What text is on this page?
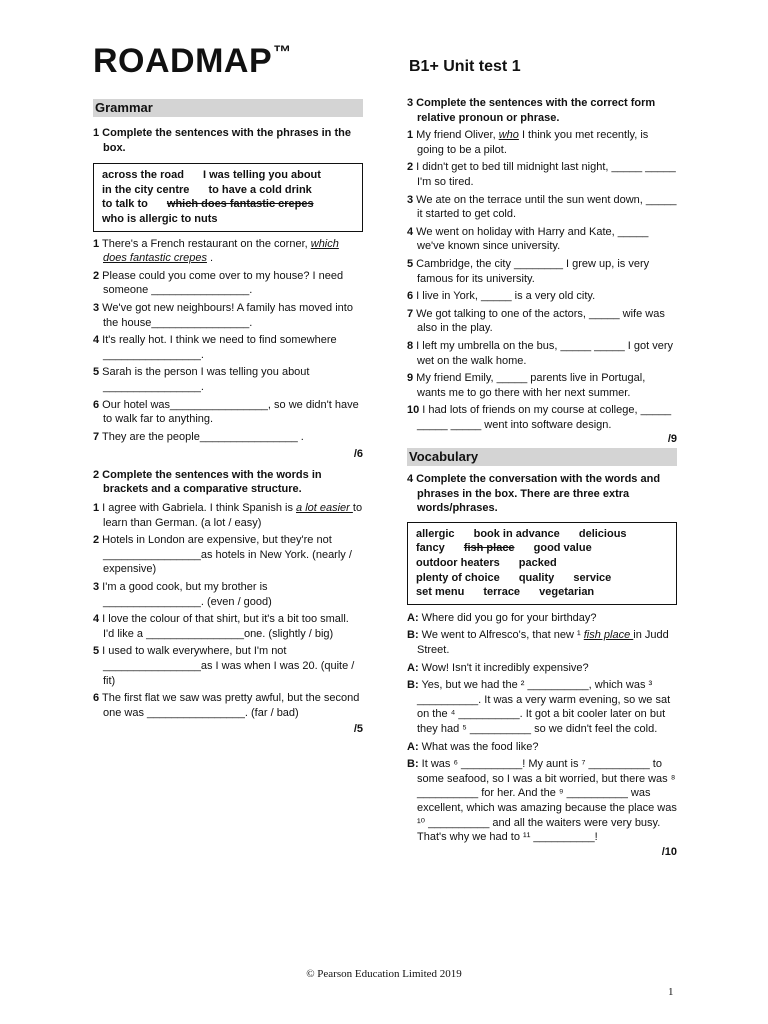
ROADMAP™
B1+ Unit test 1
Grammar
1 Complete the sentences with the phrases in the box.
across the road I was telling you about in the city centre to have a cold drink to talk to which does fantastic crepes who is allergic to nuts
1 There's a French restaurant on the corner, which does fantastic crepes .
2 Please could you come over to my house? I need someone ________________.
3 We've got new neighbours! A family has moved into the house________________.
4 It's really hot. I think we need to find somewhere ________________.
5 Sarah is the person I was telling you about ________________.
6 Our hotel was________________, so we didn't have to walk far to anything.
7 They are the people________________ .
/6
2 Complete the sentences with the words in brackets and a comparative structure.
1 I agree with Gabriela. I think Spanish is a lot easier to learn than German. (a lot / easy)
2 Hotels in London are expensive, but they're not ________________as hotels in New York. (nearly / expensive)
3 I'm a good cook, but my brother is ________________. (even / good)
4 I love the colour of that shirt, but it's a bit too small. I'd like a ________________one. (slightly / big)
5 I used to walk everywhere, but I'm not ________________as I was when I was 20. (quite / fit)
6 The first flat we saw was pretty awful, but the second one was ________________. (far / bad)
/5
3 Complete the sentences with the correct form relative pronoun or phrase.
1 My friend Oliver, who I think you met recently, is going to be a pilot.
2 I didn't get to bed till midnight last night, _____ _____ I'm so tired.
3 We ate on the terrace until the sun went down, _____ it started to get cold.
4 We went on holiday with Harry and Kate, _____ we've known since university.
5 Cambridge, the city ________ I grew up, is very famous for its university.
6 I live in York, _____ is a very old city.
7 We got talking to one of the actors, _____ wife was also in the play.
8 I left my umbrella on the bus, _____ _____ I got very wet on the walk home.
9 My friend Emily, _____ parents live in Portugal, wants me to go there with her next summer.
10 I had lots of friends on my course at college, _____ _____ _____ went into software design.
/9
Vocabulary
4 Complete the conversation with the words and phrases in the box. There are three extra words/phrases.
allergic book in advance delicious fancy fish place good value outdoor heaters packed plenty of choice quality service set menu terrace vegetarian
A: Where did you go for your birthday?
B: We went to Alfresco's, that new ¹ fish place in Judd Street.
A: Wow! Isn't it incredibly expensive?
B: Yes, but we had the ² __________, which was ³ __________. It was a very warm evening, so we sat on the ⁴ __________. It got a bit cooler later on but they had ⁵ __________ so we didn't feel the cold.
A: What was the food like?
B: It was ⁶ __________! My aunt is ⁷ __________ to some seafood, so I was a bit worried, but there was ⁸ __________ for her. And the ⁹ __________ was excellent, which was amazing because the place was ¹⁰ __________ and all the waiters were very busy. That's why we had to ¹¹ __________!
/10
© Pearson Education Limited 2019
1
